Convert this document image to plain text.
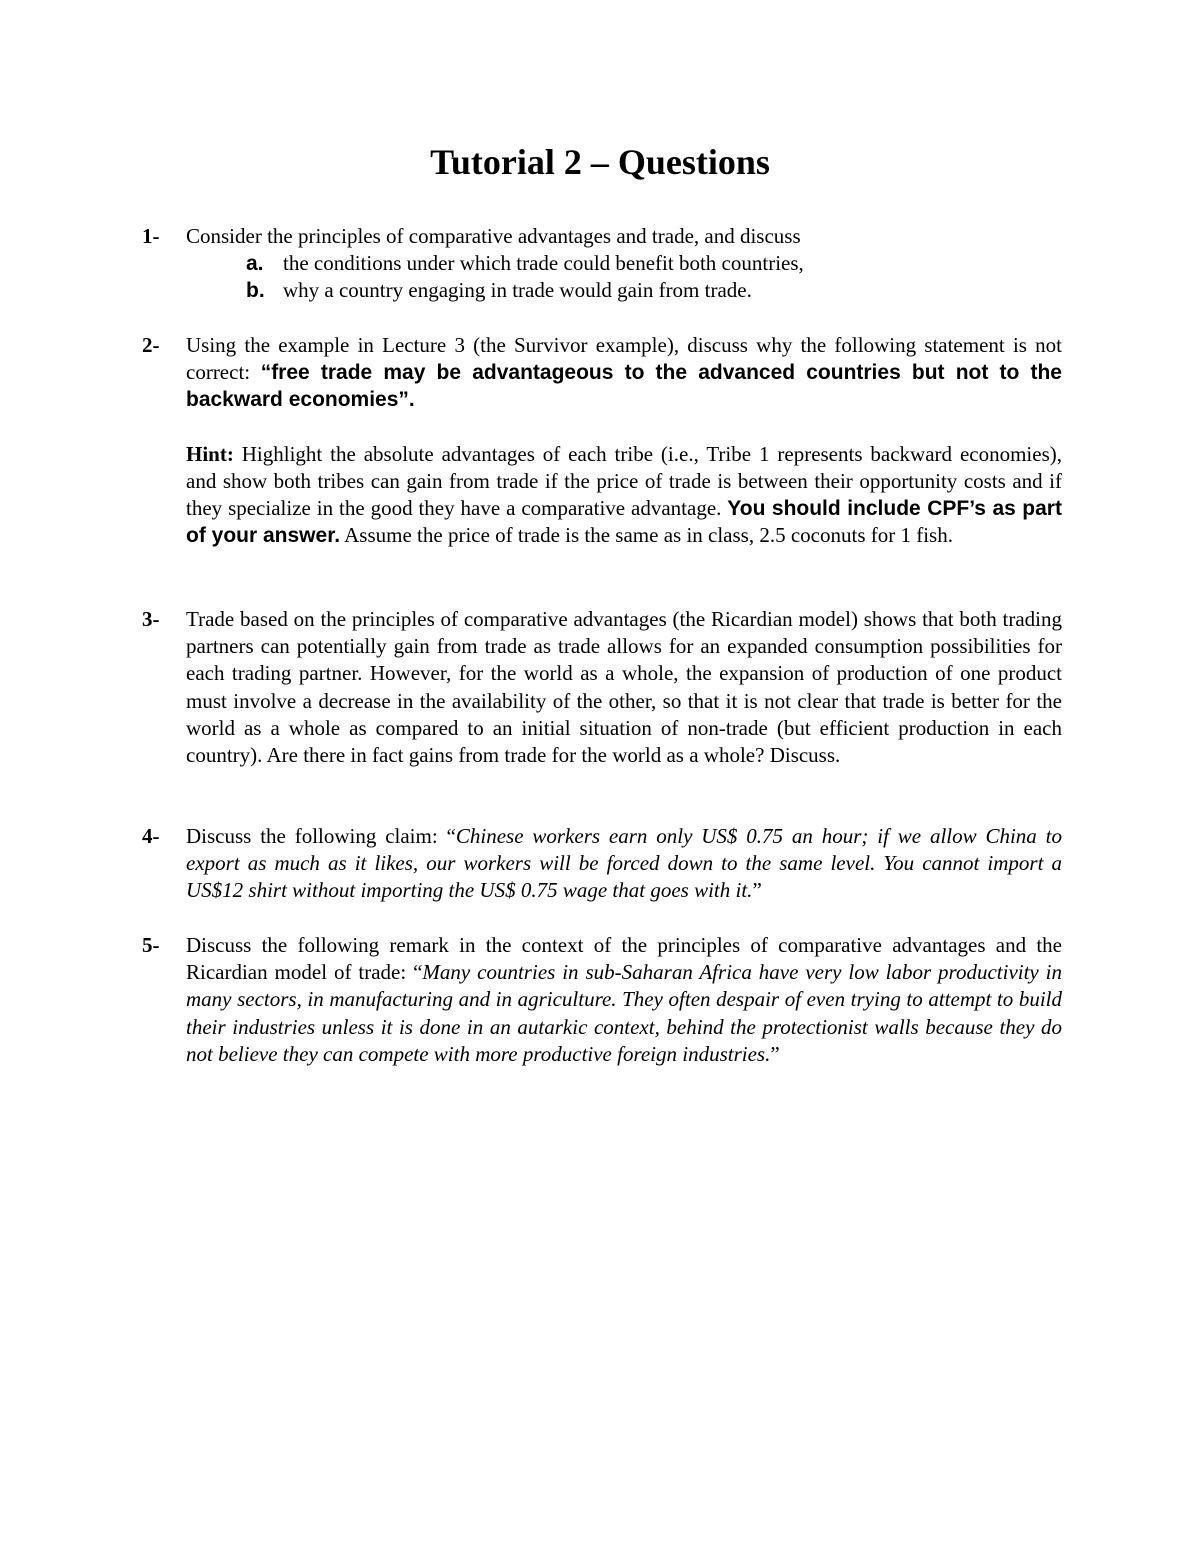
Tutorial 2 – Questions
1- Consider the principles of comparative advantages and trade, and discuss

a. the conditions under which trade could benefit both countries,
b. why a country engaging in trade would gain from trade.
2- Using the example in Lecture 3 (the Survivor example), discuss why the following statement is not correct: “free trade may be advantageous to the advanced countries but not to the backward economies”.

Hint: Highlight the absolute advantages of each tribe (i.e., Tribe 1 represents backward economies), and show both tribes can gain from trade if the price of trade is between their opportunity costs and if they specialize in the good they have a comparative advantage. You should include CPF’s as part of your answer. Assume the price of trade is the same as in class, 2.5 coconuts for 1 fish.

3- Trade based on the principles of comparative advantages (the Ricardian model) shows that both trading partners can potentially gain from trade as trade allows for an expanded consumption possibilities for each trading partner. However, for the world as a whole, the expansion of production of one product must involve a decrease in the availability of the other, so that it is not clear that trade is better for the world as a whole as compared to an initial situation of non-trade (but efficient production in each country). Are there in fact gains from trade for the world as a whole? Discuss.

4- Discuss the following claim: “Chinese workers earn only US$ 0.75 an hour; if we allow China to export as much as it likes, our workers will be forced down to the same level. You cannot import a US$12 shirt without importing the US$ 0.75 wage that goes with it.”

5- Discuss the following remark in the context of the principles of comparative advantages and the Ricardian model of trade: “Many countries in sub-Saharan Africa have very low labor productivity in many sectors, in manufacturing and in agriculture. They often despair of even trying to attempt to build their industries unless it is done in an autarkic context, behind the protectionist walls because they do not believe they can compete with more productive foreign industries.”
